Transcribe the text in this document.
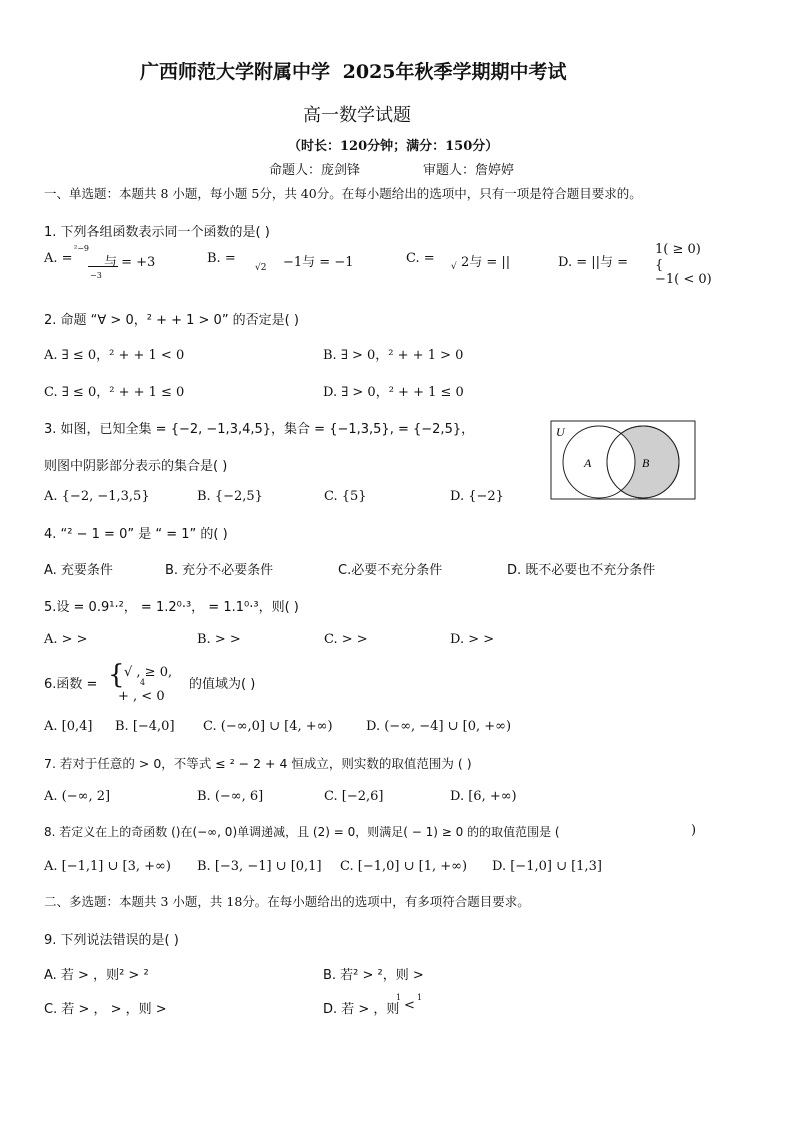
广西师范大学附属中学 2025年秋季学期期中考试
高一数学试题
（时长：120分钟；满分：150分）
命题人：庞剑锋	审题人：詹婷婷
一、单选题：本题共 8 小题，每小题 5分，共 40分。在每小题给出的选项中，只有一项是符合题目要求的。
1. 下列各组函数表示同一个函数的是( )
A. =
²−9
−3
与 = +3	B. =
√2 −1与 = −1	C. =
√ 2与 = ||	D. = ||与 =
1( ≥ 0)
{
−1( < 0)
2. 命题 “∀ > 0，² + + 1 > 0” 的否定是( )
A. ∃ ≤ 0，² + + 1 < 0	B. ∃ > 0，² + + 1 > 0
C. ∃ ≤ 0，² + + 1 ≤ 0	D. ∃ > 0，² + + 1 ≤ 0
3. 如图，已知全集 = {−2, −1,3,4,5}，集合 = {−1,3,5}, = {−2,5}，
则图中阴影部分表示的集合是( )
A. {−2, −1,3,5}	B. {−2,5}	C. {5}	D. {−2}
U
A	B
4. “² − 1 = 0” 是 “ = 1” 的( )
A. 充要条件	B. 充分不必要条件	C.必要不充分条件	D. 既不必要也不充分条件
5.设 = 0.9¹·²， = 1.2⁰·³， = 1.1⁰·³，则( )
A. > >	B. > >	C. > >	D. > >
6.函数 = { √ , ≥ 0,
4
+ , < 0
的值域为( )
A. [0,4] B. [−4,0] C. (−∞,0] ∪ [4, +∞)	D. (−∞, −4] ∪ [0, +∞)
7. 若对于任意的 > 0，不等式 ≤ ² − 2 + 4 恒成立，则实数的取值范围为 ( )
A. (−∞, 2]	B. (−∞, 6]	C. [−2,6]	D. [6, +∞)
8. 若定义在上的奇函数 ()在(−∞, 0)单调递减，且 (2) = 0，则满足( − 1) ≥ 0 的的取值范围是 (	)
A. [−1,1] ∪ [3, +∞) B. [−3, −1] ∪ [0,1] C. [−1,0] ∪ [1, +∞) D. [−1,0] ∪ [1,3]
二、多选题：本题共 3 小题，共 18分。在每小题给出的选项中，有多项符合题目要求。
9. 下列说法错误的是( )
A. 若 > ，则² > ²	B. 若² > ²，则 >
C. 若 > ， > ，则 >	D. 若 > ，则
1
<
1
